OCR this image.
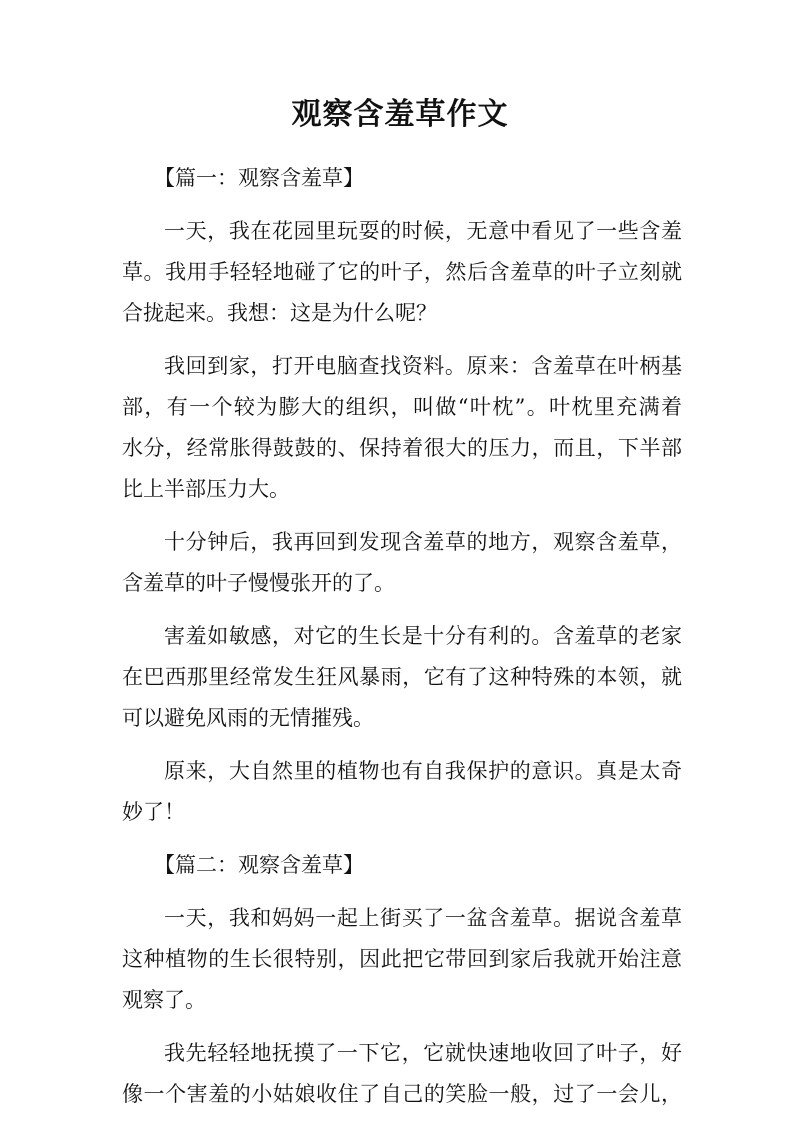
观察含羞草作文
【篇一：观察含羞草】
一天，我在花园里玩耍的时候，无意中看见了一些含羞
草。我用手轻轻地碰了它的叶子，然后含羞草的叶子立刻就
合拢起来。我想：这是为什么呢？
我回到家，打开电脑查找资料。原来：含羞草在叶柄基
部，有一个较为膨大的组织，叫做“叶枕”。叶枕里充满着
水分，经常胀得鼓鼓的、保持着很大的压力，而且，下半部
比上半部压力大。
十分钟后，我再回到发现含羞草的地方，观察含羞草，
含羞草的叶子慢慢张开的了。
害羞如敏感，对它的生长是十分有利的。含羞草的老家
在巴西那里经常发生狂风暴雨，它有了这种特殊的本领，就
可以避免风雨的无情摧残。
原来，大自然里的植物也有自我保护的意识。真是太奇
妙了！
【篇二：观察含羞草】
一天，我和妈妈一起上街买了一盆含羞草。据说含羞草
这种植物的生长很特别，因此把它带回到家后我就开始注意
观察了。
我先轻轻地抚摸了一下它，它就快速地收回了叶子，好
像一个害羞的小姑娘收住了自己的笑脸一般，过了一会儿，
